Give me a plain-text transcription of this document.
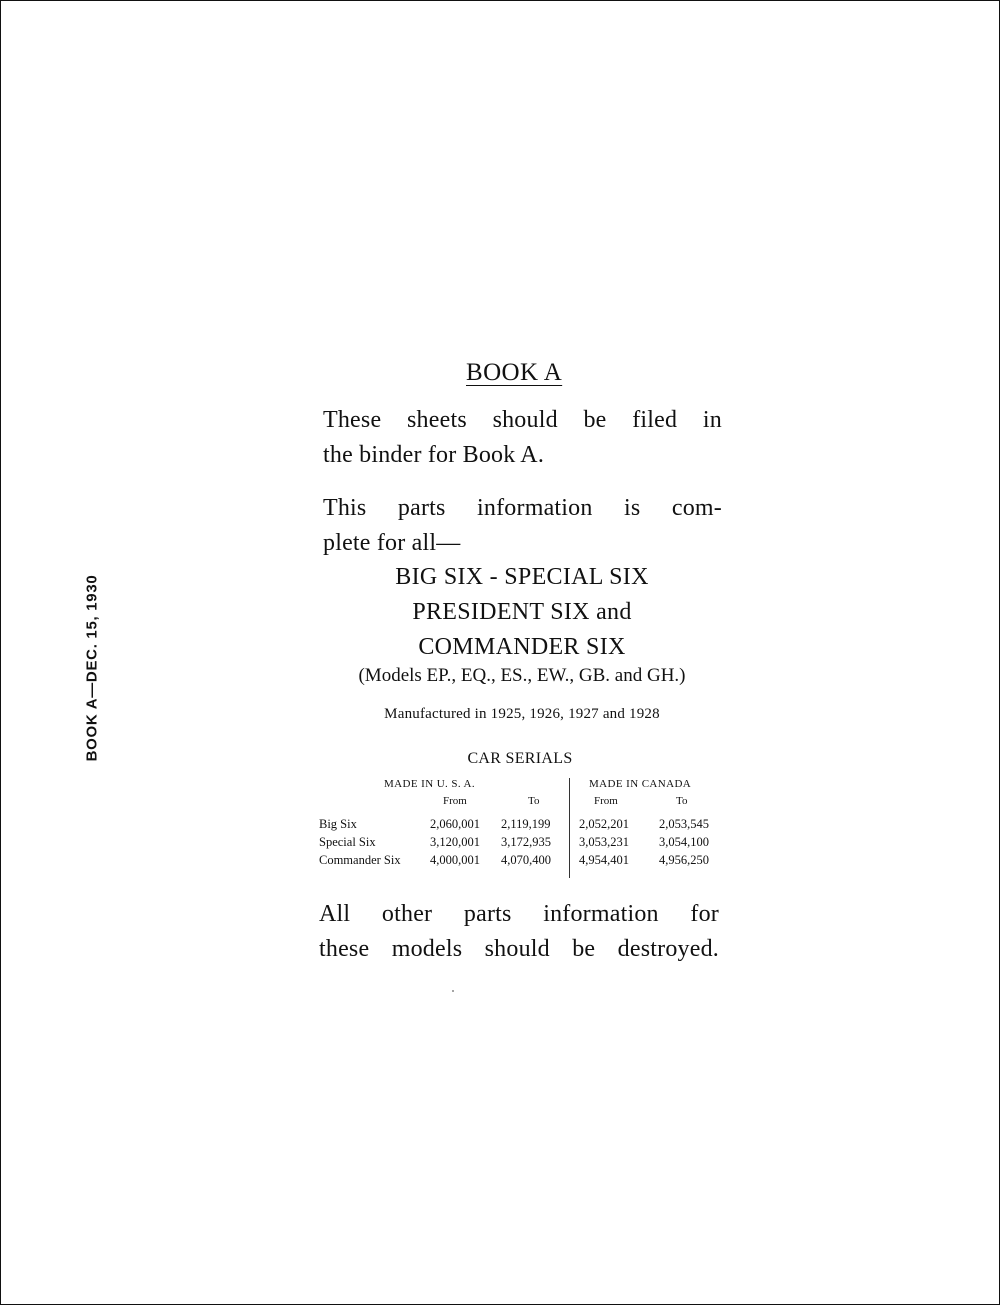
BOOK A—DEC. 15, 1930
BOOK A
These sheets should be filed in
the binder for Book A.
This parts information is com-
plete for all—
BIG SIX - SPECIAL SIX
PRESIDENT SIX and
COMMANDER SIX
(Models EP., EQ., ES., EW., GB. and GH.)
Manufactured in 1925, 1926, 1927 and 1928
CAR SERIALS
MADE IN U. S. A.	MADE IN CANADA
From	To	From	To
Big Six	2,060,001 2,119,199 2,052,201 2,053,545
Special Six	3,120,001 3,172,935 3,053,231 3,054,100
Commander Six 4,000,001 4,070,400 4,954,401 4,956,250
All other parts information for
these models should be destroyed.
